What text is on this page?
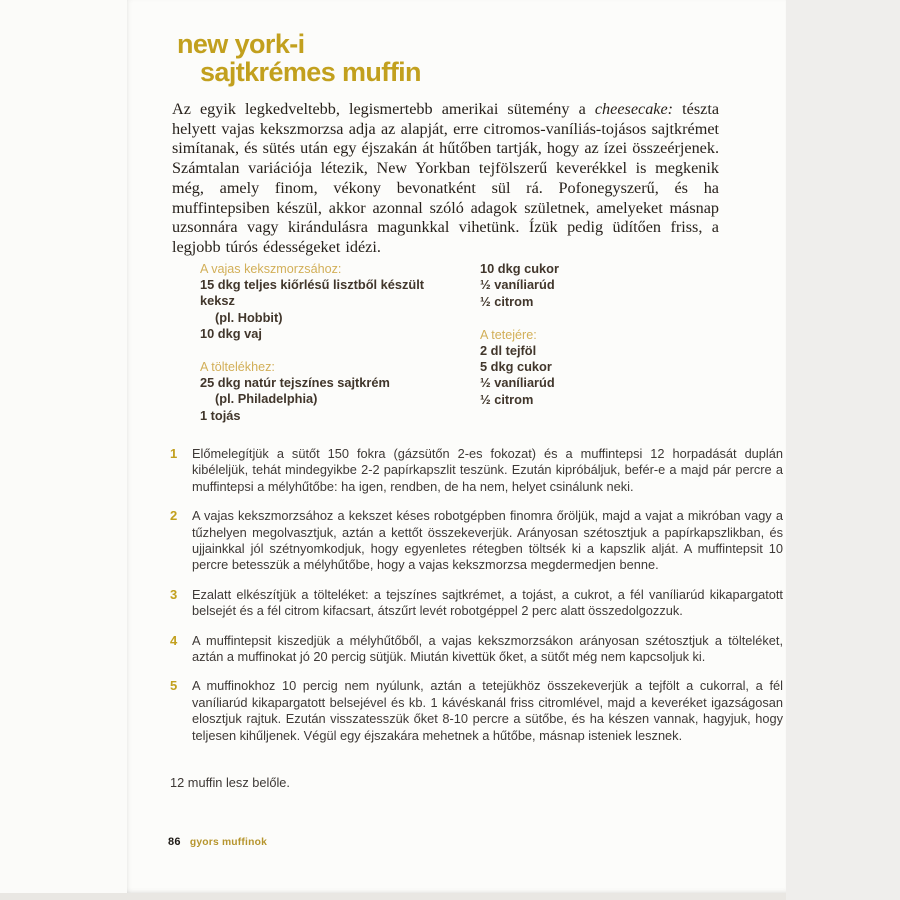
new york-i
sajtkrémes muffin

Az egyik legkedveltebb, legismertebb amerikai sütemény a cheesecake: tészta helyett vajas kekszmorzsa adja az alapját, erre citromos-vaníliás-tojásos sajtkrémet simítanak, és sütés után egy éjszakán át hűtőben tartják, hogy az ízei összeérjenek. Számtalan variációja létezik, New Yorkban tejfölszerű keverékkel is megkenik még, amely finom, vékony bevonatként sül rá. Pofonegyszerű, és ha muffintepsiben készül, akkor azonnal szóló adagok születnek, amelyeket másnap uzsonnára vagy kirándulásra magunkkal vihetünk. Ízük pedig üdítően friss, a legjobb túrós édességeket idézi.

A vajas kekszmorzsához:
15 dkg teljes kiőrlésű lisztből készült keksz
(pl. Hobbit)
10 dkg vaj
A töltelékhez:
25 dkg natúr tejszínes sajtkrém
(pl. Philadelphia)
1 tojás
10 dkg cukor
½ vaníliarúd
½ citrom
A tetejére:
2 dl tejföl
5 dkg cukor
½ vaníliarúd
½ citrom
1 Előmelegítjük a sütőt 150 fokra (gázsütőn 2-es fokozat) és a muffintepsi 12 horpadását duplán kibéleljük, tehát mindegyikbe 2-2 papírkapszlit teszünk. Ezután kipróbáljuk, befér-e a majd pár percre a muffintepsi a mélyhűtőbe: ha igen, rendben, de ha nem, helyet csinálunk neki.
2 A vajas kekszmorzsához a kekszet késes robotgépben finomra őröljük, majd a vajat a mikróban vagy a tűzhelyen megolvasztjuk, aztán a kettőt összekeverjük. Arányosan szétosztjuk a papírkapszlikban, és ujjainkkal jól szétnyomkodjuk, hogy egyenletes rétegben töltsék ki a kapszlik alját. A muffintepsit 10 percre betesszük a mélyhűtőbe, hogy a vajas kekszmorzsa megdermedjen benne.
3 Ezalatt elkészítjük a tölteléket: a tejszínes sajtkrémet, a tojást, a cukrot, a fél vaníliarúd kikapargatott belsejét és a fél citrom kifacsart, átszűrt levét robotgéppel 2 perc alatt összedolgozzuk.
4 A muffintepsit kiszedjük a mélyhűtőből, a vajas kekszmorzsákon arányosan szétosztjuk a tölteléket, aztán a muffinokat jó 20 percig sütjük. Miután kivettük őket, a sütőt még nem kapcsoljuk ki.
5 A muffinokhoz 10 percig nem nyúlunk, aztán a tetejükhöz összekeverjük a tejfölt a cukorral, a fél vaníliarúd kikapargatott belsejével és kb. 1 kávéskanál friss citromlével, majd a keveréket igazságosan elosztjuk rajtuk. Ezután visszatesszük őket 8-10 percre a sütőbe, és ha készen vannak, hagyjuk, hogy teljesen kihűljenek. Végül egy éjszakára mehetnek a hűtőbe, másnap isteniek lesznek.

12 muffin lesz belőle.

86 gyors muffinok
